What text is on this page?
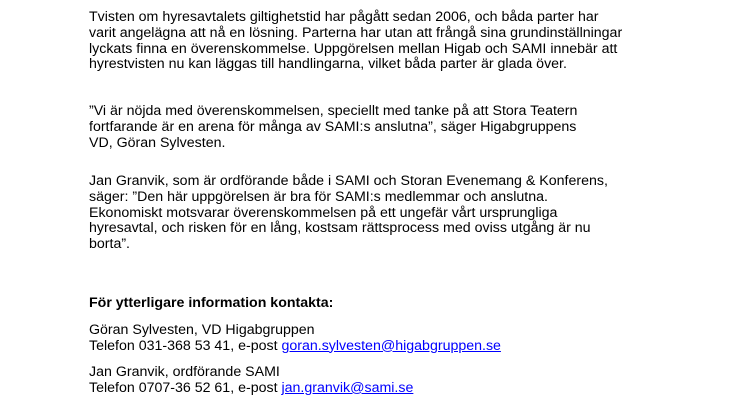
Tvisten om hyresavtalets giltighetstid har pågått sedan 2006, och båda parter har
varit angelägna att nå en lösning. Parterna har utan att frångå sina grundinställningar
lyckats finna en överenskommelse. Uppgörelsen mellan Higab och SAMI innebär att
hyrestvisten nu kan läggas till handlingarna, vilket båda parter är glada över.

”Vi är nöjda med överenskommelsen, speciellt med tanke på att Stora Teatern
fortfarande är en arena för många av SAMI:s anslutna”, säger Higabgruppens
VD, Göran Sylvesten.

Jan Granvik, som är ordförande både i SAMI och Storan Evenemang & Konferens,
säger: ”Den här uppgörelsen är bra för SAMI:s medlemmar och anslutna.
Ekonomiskt motsvarar överenskommelsen på ett ungefär vårt ursprungliga
hyresavtal, och risken för en lång, kostsam rättsprocess med oviss utgång är nu
borta”.

För ytterligare information kontakta:

Göran Sylvesten, VD Higabgruppen
Telefon 031-368 53 41, e-post goran.sylvesten@higabgruppen.se
Jan Granvik, ordförande SAMI
Telefon 0707-36 52 61, e-post jan.granvik@sami.se
